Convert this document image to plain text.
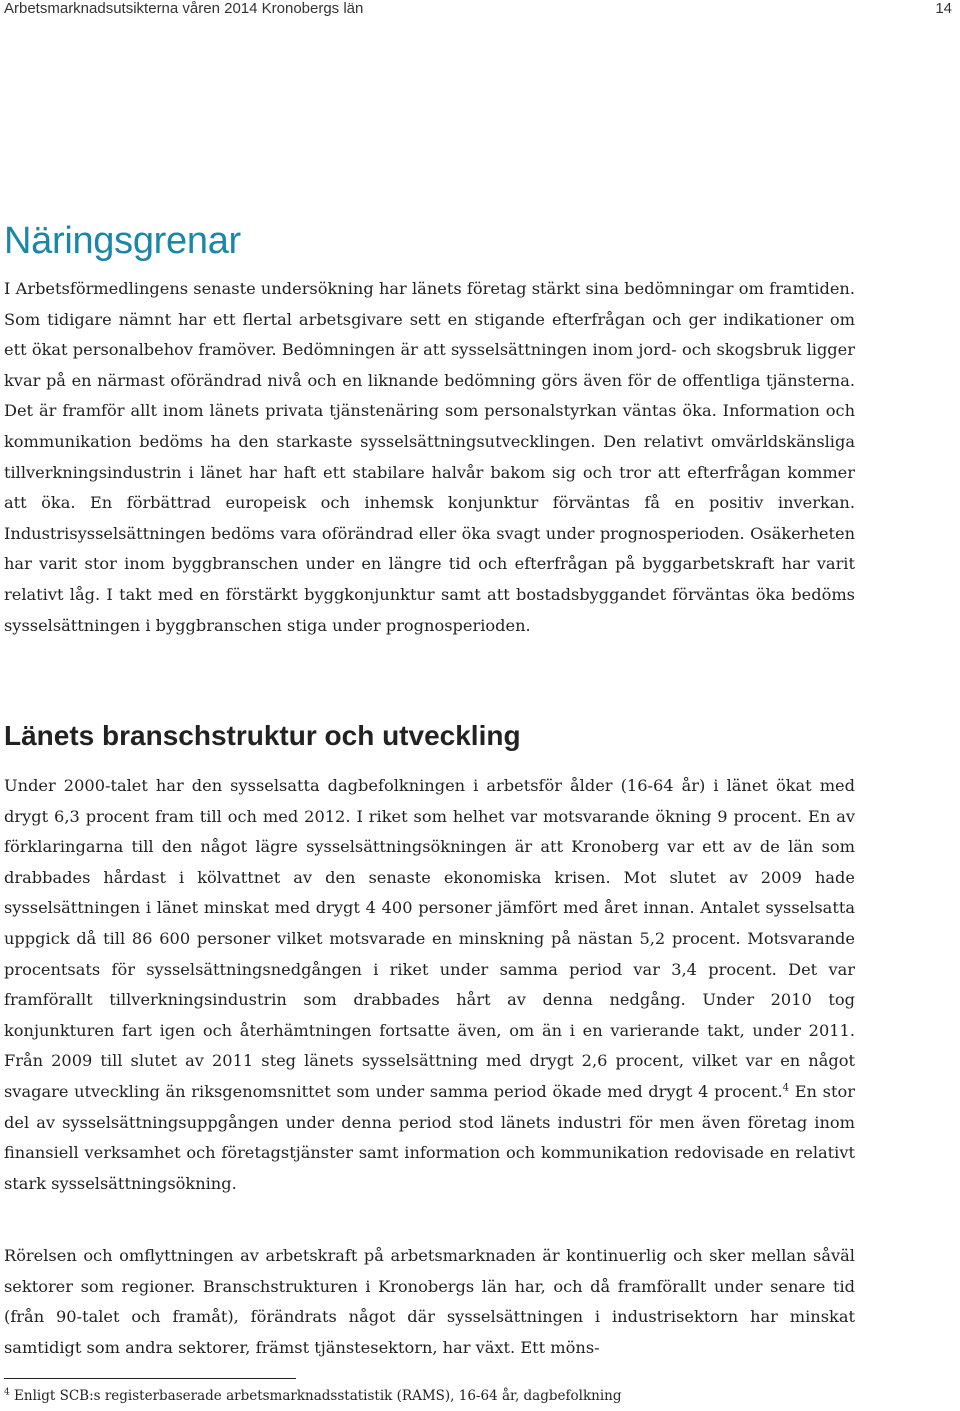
Arbetsmarknadsutsikterna våren 2014 Kronobergs län	14
Näringsgrenar

I Arbetsförmedlingens senaste undersökning har länets företag stärkt sina bedömningar om framtiden. Som tidigare nämnt har ett flertal arbetsgivare sett en stigande efterfrågan och ger indikationer om ett ökat personalbehov framöver. Bedömningen är att sysselsättningen inom jord- och skogsbruk ligger kvar på en närmast oförändrad nivå och en liknande bedömning görs även för de offentliga tjänsterna. Det är framför allt inom länets privata tjänstenäring som personalstyrkan väntas öka. Information och kommunikation bedöms ha den starkaste sysselsättningsutvecklingen. Den relativt omvärldskänsliga tillverkningsindustrin i länet har haft ett stabilare halvår bakom sig och tror att efterfrågan kommer att öka. En förbättrad europeisk och inhemsk konjunktur förväntas få en positiv inverkan. Industrisysselsättningen bedöms vara oförändrad eller öka svagt under prognosperioden. Osäkerheten har varit stor inom byggbranschen under en längre tid och efterfrågan på byggarbetskraft har varit relativt låg. I takt med en förstärkt byggkonjunktur samt att bostadsbyggandet förväntas öka bedöms sysselsättningen i byggbranschen stiga under prognosperioden.

Länets branschstruktur och utveckling

Under 2000-talet har den sysselsatta dagbefolkningen i arbetsför ålder (16-64 år) i länet ökat med drygt 6,3 procent fram till och med 2012. I riket som helhet var motsvarande ökning 9 procent. En av förklaringarna till den något lägre sysselsättningsökningen är att Kronoberg var ett av de län som drabbades hårdast i kölvattnet av den senaste ekonomiska krisen. Mot slutet av 2009 hade sysselsättningen i länet minskat med drygt 4 400 personer jämfört med året innan. Antalet sysselsatta uppgick då till 86 600 personer vilket motsvarade en minskning på nästan 5,2 procent. Motsvarande procentsats för sysselsättningsnedgången i riket under samma period var 3,4 procent. Det var framförallt tillverkningsindustrin som drabbades hårt av denna nedgång. Under 2010 tog konjunkturen fart igen och återhämtningen fortsatte även, om än i en varierande takt, under 2011. Från 2009 till slutet av 2011 steg länets sysselsättning med drygt 2,6 procent, vilket var en något svagare utveckling än riksgenomsnittet som under samma period ökade med drygt 4 procent.$^4$ En stor del av sysselsättningsuppgången under denna period stod länets industri för men även företag inom finansiell verksamhet och företagstjänster samt information och kommunikation redovisade en relativt stark sysselsättningsökning.

Rörelsen och omflyttningen av arbetskraft på arbetsmarknaden är kontinuerlig och sker mellan såväl sektorer som regioner. Branschstrukturen i Kronobergs län har, och då framförallt under senare tid (från 90-talet och framåt), förändrats något där sysselsättningen i industrisektorn har minskat samtidigt som andra sektorer, främst tjänstesektorn, har växt. Ett möns-

$^4$ Enligt SCB:s registerbaserade arbetsmarknadsstatistik (RAMS), 16-64 år, dagbefolkning
